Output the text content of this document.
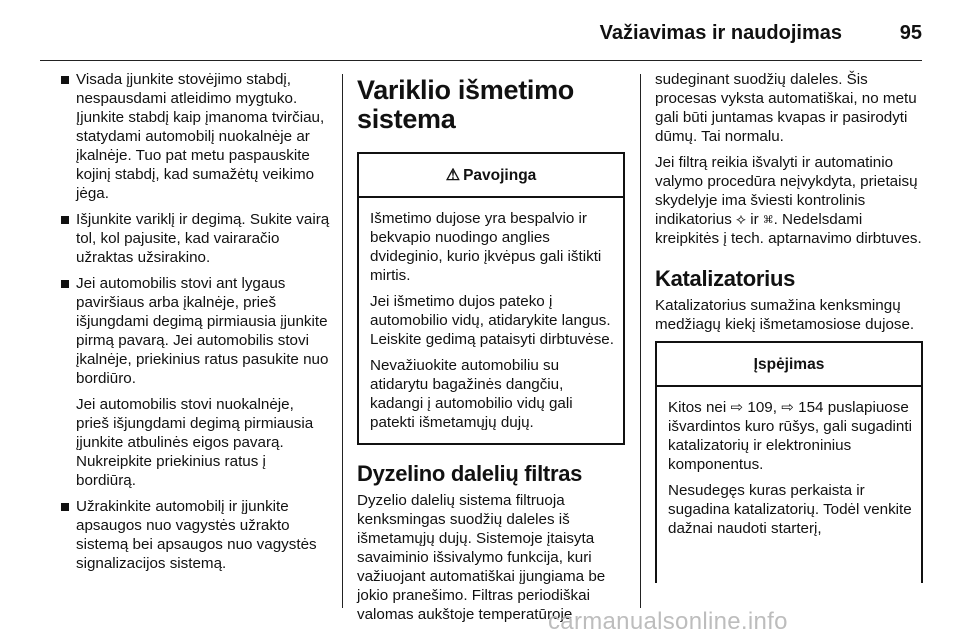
Važiavimas ir naudojimas	95
Visada įjunkite stovėjimo stabdį, nespausdami atleidimo mygtuko. Įjunkite stabdį kaip įmanoma tvirčiau, statydami automobilį nuokalnėje ar įkalnėje. Tuo pat metu paspauskite kojinį stabdį, kad sumažėtų veikimo jėga.
Išjunkite variklį ir degimą. Sukite vairą tol, kol pajusite, kad vairaračio užraktas užsirakino.
Jei automobilis stovi ant lygaus paviršiaus arba įkalnėje, prieš išjungdami degimą pirmiausia įjunkite pirmą pavarą. Jei automobilis stovi įkalnėje, priekinius ratus pasukite nuo bordiūro.

Jei automobilis stovi nuokalnėje, prieš išjungdami degimą pirmiausia įjunkite atbulinės eigos pavarą. Nukreipkite priekinius ratus į bordiūrą.

Užrakinkite automobilį ir įjunkite apsaugos nuo vagystės užrakto sistemą bei apsaugos nuo vagystės signalizacijos sistemą.
Variklio išmetimo sistema
⚠ Pavojinga

Išmetimo dujose yra bespalvio ir bekvapio nuodingo anglies dvideginio, kurio įkvėpus gali ištikti mirtis.

Jei išmetimo dujos pateko į automobilio vidų, atidarykite langus. Leiskite gedimą pataisyti dirbtuvėse.

Nevažiuokite automobiliu su atidarytu bagažinės dangčiu, kadangi į automobilio vidų gali patekti išmetamųjų dujų.

Dyzelino dalelių filtras

Dyzelio dalelių sistema filtruoja kenksmingas suodžių daleles iš išmetamųjų dujų. Sistemoje įtaisyta savaiminio išsivalymo funkcija, kuri važiuojant automatiškai įjungiama be jokio pranešimo. Filtras periodiškai valomas aukštoje temperatūroje

sudeginant suodžių daleles. Šis procesas vyksta automatiškai, no metu gali būti juntamas kvapas ir pasirodyti dūmų. Tai normalu.

Jei filtrą reikia išvalyti ir automatinio valymo procedūra neįvykdyta, prietaisų skydelyje ima šviesti kontrolinis indikatorius ⟡ ir ⌘. Nedelsdami kreipkitės į tech. aptarnavimo dirbtuves.

Katalizatorius

Katalizatorius sumažina kenksmingų medžiagų kiekį išmetamosiose dujose.

Įspėjimas

Kitos nei ⇨ 109, ⇨ 154 puslapiuose išvardintos kuro rūšys, gali sugadinti katalizatorių ir elektroninius komponentus.

Nesudegęs kuras perkaista ir sugadina katalizatorių. Todėl venkite dažnai naudoti starterį,

carmanualsonline.info
